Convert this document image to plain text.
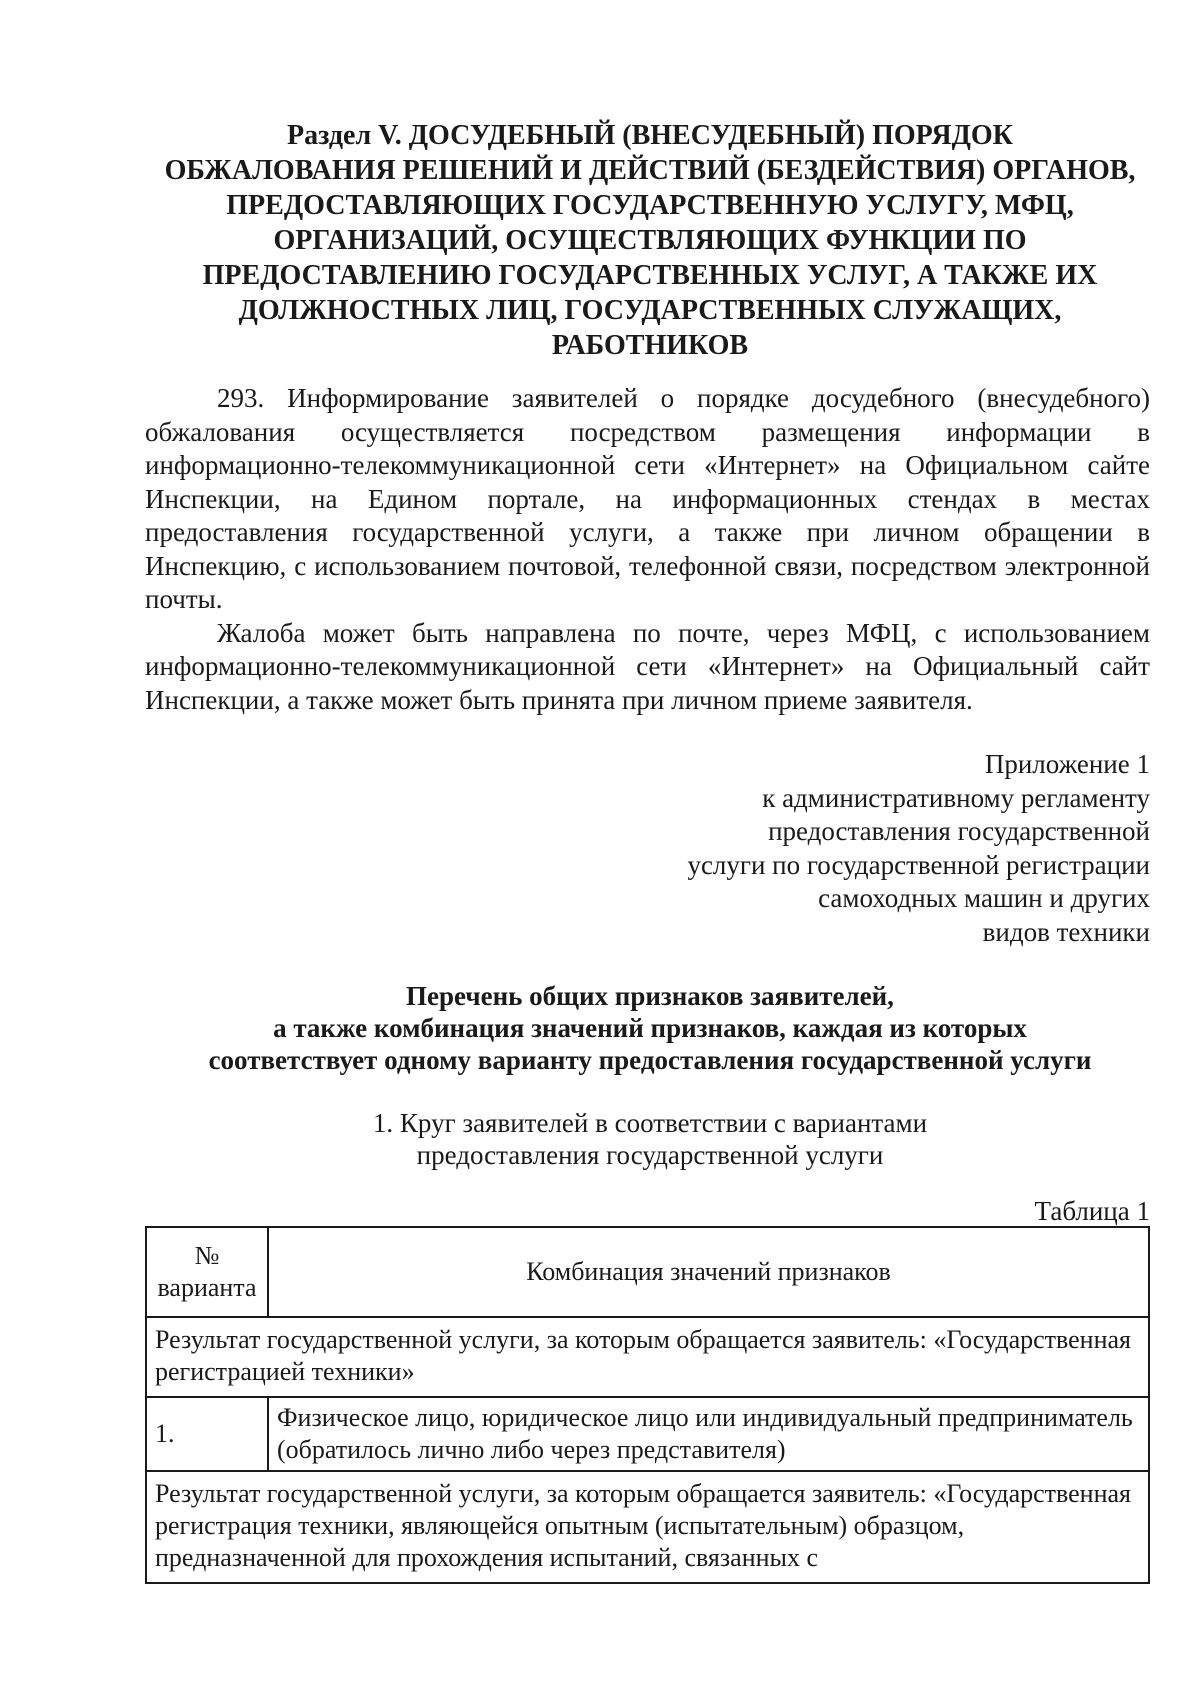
Раздел V. ДОСУДЕБНЫЙ (ВНЕСУДЕБНЫЙ) ПОРЯДОК
ОБЖАЛОВАНИЯ РЕШЕНИЙ И ДЕЙСТВИЙ (БЕЗДЕЙСТВИЯ) ОРГАНОВ,
ПРЕДОСТАВЛЯЮЩИХ ГОСУДАРСТВЕННУЮ УСЛУГУ, МФЦ,
ОРГАНИЗАЦИЙ, ОСУЩЕСТВЛЯЮЩИХ ФУНКЦИИ ПО
ПРЕДОСТАВЛЕНИЮ ГОСУДАРСТВЕННЫХ УСЛУГ, А ТАКЖЕ ИХ
ДОЛЖНОСТНЫХ ЛИЦ, ГОСУДАРСТВЕННЫХ СЛУЖАЩИХ,
РАБОТНИКОВ

293. Информирование заявителей о порядке досудебного (внесудебного) обжалования осуществляется посредством размещения информации в информационно-телекоммуникационной сети «Интернет» на Официальном сайте Инспекции, на Едином портале, на информационных стендах в местах предоставления государственной услуги, а также при личном обращении в Инспекцию, с использованием почтовой, телефонной связи, посредством электронной почты.

Жалоба может быть направлена по почте, через МФЦ, с использованием информационно-телекоммуникационной сети «Интернет» на Официальный сайт Инспекции, а также может быть принята при личном приеме заявителя.

Приложение 1
к административному регламенту
предоставления государственной
услуги по государственной регистрации
самоходных машин и других
видов техники
Перечень общих признаков заявителей,
а также комбинация значений признаков, каждая из которых
соответствует одному варианту предоставления государственной услуги
1. Круг заявителей в соответствии с вариантами
предоставления государственной услуги
Таблица 1
№
варианта	Комбинация значений признаков
Результат государственной услуги, за которым обращается заявитель: «Государственная регистрацией техники»	
1.	Физическое лицо, юридическое лицо или индивидуальный предприниматель (обратилось лично либо через представителя)
Результат государственной услуги, за которым обращается заявитель: «Государственная регистрация техники, являющейся опытным (испытательным) образцом, предназначенной для прохождения испытаний, связанных с	
